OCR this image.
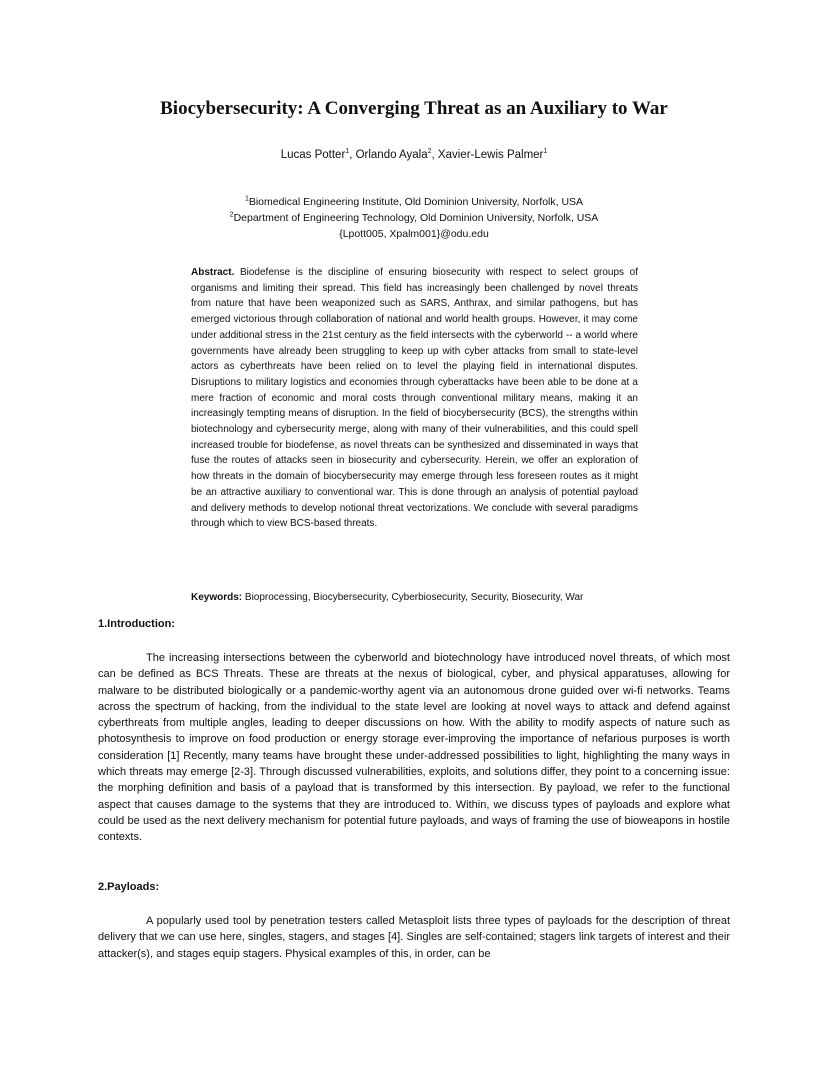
Biocybersecurity: A Converging Threat as an Auxiliary to War
Lucas Potter$^1$, Orlando Ayala$^2$, Xavier-Lewis Palmer$^1$
$^1$Biomedical Engineering Institute, Old Dominion University, Norfolk, USA
$^2$Department of Engineering Technology, Old Dominion University, Norfolk, USA
{Lpott005, Xpalm001}@odu.edu

Abstract. Biodefense is the discipline of ensuring biosecurity with respect to select groups of organisms and limiting their spread. This field has increasingly been challenged by novel threats from nature that have been weaponized such as SARS, Anthrax, and similar pathogens, but has emerged victorious through collaboration of national and world health groups. However, it may come under additional stress in the 21st century as the field intersects with the cyberworld -- a world where governments have already been struggling to keep up with cyber attacks from small to state-level actors as cyberthreats have been relied on to level the playing field in international disputes. Disruptions to military logistics and economies through cyberattacks have been able to be done at a mere fraction of economic and moral costs through conventional military means, making it an increasingly tempting means of disruption. In the field of biocybersecurity (BCS), the strengths within biotechnology and cybersecurity merge, along with many of their vulnerabilities, and this could spell increased trouble for biodefense, as novel threats can be synthesized and disseminated in ways that fuse the routes of attacks seen in biosecurity and cybersecurity. Herein, we offer an exploration of how threats in the domain of biocybersecurity may emerge through less foreseen routes as it might be an attractive auxiliary to conventional war. This is done through an analysis of potential payload and delivery methods to develop notional threat vectorizations. We conclude with several paradigms through which to view BCS-based threats.

Keywords: Bioprocessing, Biocybersecurity, Cyberbiosecurity, Security, Biosecurity, War

1.Introduction:

The increasing intersections between the cyberworld and biotechnology have introduced novel threats, of which most can be defined as BCS Threats. These are threats at the nexus of biological, cyber, and physical apparatuses, allowing for malware to be distributed biologically or a pandemic-worthy agent via an autonomous drone guided over wi-fi networks. Teams across the spectrum of hacking, from the individual to the state level are looking at novel ways to attack and defend against cyberthreats from multiple angles, leading to deeper discussions on how. With the ability to modify aspects of nature such as photosynthesis to improve on food production or energy storage ever-improving the importance of nefarious purposes is worth consideration [1] Recently, many teams have brought these under-addressed possibilities to light, highlighting the many ways in which threats may emerge [2-3]. Through discussed vulnerabilities, exploits, and solutions differ, they point to a concerning issue: the morphing definition and basis of a payload that is transformed by this intersection. By payload, we refer to the functional aspect that causes damage to the systems that they are introduced to. Within, we discuss types of payloads and explore what could be used as the next delivery mechanism for potential future payloads, and ways of framing the use of bioweapons in hostile contexts.

2.Payloads:

A popularly used tool by penetration testers called Metasploit lists three types of payloads for the description of threat delivery that we can use here, singles, stagers, and stages [4]. Singles are self-contained; stagers link targets of interest and their attacker(s), and stages equip stagers. Physical examples of this, in order, can be
